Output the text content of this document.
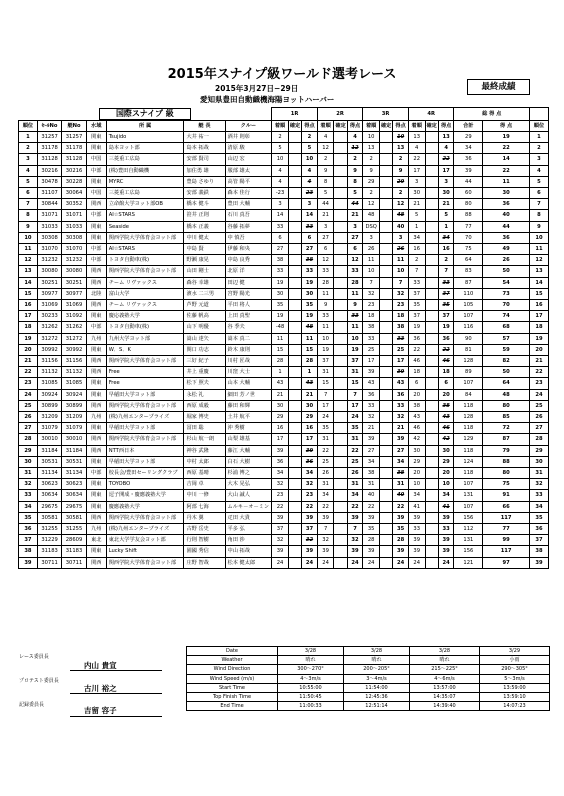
2015年スナイプ級ワールド選考レース
2015年3月27日−29日
愛知県豊田自動織機海陽ヨットハーバー
最終成績
国際スナイプ 級							1R			2R			3R			4R			総 得 点		
順位	ｾｰﾙNo	艇No	水域	所 属	艇 長	クルー	着順	確定	得点	着順	確定	得点	着順	確定	得点	着順	確定	得点	合計	得 点	順位
1	31257	31257	関東	Tsujido	大井 祐一	酒井 則彰	2		2	4		4	10		10	13		13	29	19	1
2	31178	31178	関東	島本ヨット部	島本 拓哉	清原 駿	5		5	12		12	13		13	4		4	34	22	2
3	31128	31128	中国	三菱重工広島	安部 賢司	山辺 宏	10		10	2		2	2		2	22		22	36	14	3
4	30216	30216	中部	(株)豊田自動織機	加住勇 雄	服部 雄太	4		4	9		9	9		9	17		17	39	22	4
5	30478	30228	関東	MYRC	豊島 さゆり	高管 陽平	4		4	8		8	29		29	3		3	44	11	5
6	31107	30064	中国	三菱重工広島	安部 義鉄	森本 佳行	-23		23	5		5	2		2	30		30	60	30	6
7	30844	30352	関西	立命館大学ヨット部OB	橋本 健斗	豊田 大輔	3		3	44		44	12		12	21		21	80	36	7
8	31071	31071	中部	AI☆STARS	笹井 正則	石川 真吾	14		14	21		21	48		48	5		5	88	40	8
9	31033	31033	関東	Seaside	橋本 正義	谷藤 拓夢	33		33	3		3	DSQ		40	1		1	77	44	9
10	30308	30308	関東	関西学院大学体育会ヨット部	中川 健太	中 慎吾	6		6	27		27	3		3	34		34	70	36	10
11	31070	31070	中部	AI☆STARS	中島 賢	伊藤 和央	27		27	6		6	26		26	16		16	75	49	11
12	31232	31232	中部	トヨタ自動車(株)	野瀬 康晃	中島 良秀	38		38	12		12	11		11	2		2	64	26	12
13	30080	30080	関西	関西学院大学体育会ヨット部	山田 剛士	北原 洋	33		33	33		33	10		10	7		7	83	50	13
14	30251	30251	関西	チーム リヴァックス	森谷 幸雄	田辺 健	19		19	28		28	7		7	33		33	87	54	14
15	30977	30977	北陸	富山大学	濱水 二三男	宮野 陽光	30		30	11		11	32		32	37		37	110	73	15
16	31069	31069	関西	チーム リヴァックス	芦野 元道	平田 将人	35		35	9		9	23		23	35		35	105	70	16
17	30233	31092	関東	慶応義塾大学	佐藤 帆高	上田 真聖	19		19	33		33	18		18	37		37	107	74	17
18	31262	31262	中部	トヨタ自動車(株)	山下 明優	谷 季夫	-48		48	11		11	38		38	19		19	116	68	18
19	31272	31272	九州	九州大学ヨット部	嵩山 達矢	嵩本 真二	11		11	10		10	33		33	36		36	90	57	19
20	30992	30992	関東	W．S．K	関口 功志	鈴木 康則	15		15	19		19	25		25	22		22	81	59	20
21	31156	31156	関西	関西学院大学体育会ヨット部	三好 紀子	川村 匠哉	28		28	37		37	17		17	46		46	128	82	21
22	31132	31132	関西	Free	井上 重慶	川窪 大士	1		1	31		31	39		39	18		18	89	50	22
23	31085	31085	関東	Free	松下 照夫	山本 大輔	43		43	15		15	43		43	6		6	107	64	23
24	30924	30924	関東	早稲田大学ヨット部	永松 礼	細田 芳ノ世	21		21	7		7	36		36	20		20	84	48	24
25	30899	30899	関西	関西学院大学体育会ヨット部	西原 成毅	藤田 和輝	30		30	17		17	33		33	38		38	118	80	25
26	31209	31209	九州	(株)九州エンタープライズ	堀家 博史	土井 航平	29		29	24		24	32		32	43		43	128	85	26
27	31079	31079	関東	早稲田大学ヨット部	冨田 聡	沖 秀樹	16		16	35		35	21		21	46		46	118	72	27
28	30010	30010	関西	関西学院大学体育会ヨット部	杉山 航一朗	山梨 雄基	17		17	31		31	39		39	42		42	129	87	28
29	31184	31184	関西	NTT西日本	神谷 武隆	藤江 大輔	39		39	22		22	27		27	30		30	118	79	29
30	30531	30531	関東	早稲田大学ヨット部	中村 太郎	白石 大樹	36		36	25		25	34		34	29		29	124	88	30
31	31134	31134	中部	校長会/豊田セーリングクラブ	西原 基晴	杉浦 博之	34		34	26		26	38		38	20		20	118	80	31
32	30623	30623	関東	TOYOBO	吉岡 卓	大木 晃弘	32		32	31		31	31		31	10		10	107	75	32
33	30634	30634	関東	逗子開成・慶應義塾大学	中川 一修	大山 誠人	23		23	34		34	40		40	34		34	131	91	33
34	29675	29675	関東	慶應義塾大学	阿部 七海	ムルキ－オ－ミン	22		22	22		22	22		22	41		41	107	66	34
35	30581	30581	関西	関西学院大学体育会ヨット部	丹木 翼	疋田 大貴	39		39	39		39	39		39	39		39	156	117	35
36	31255	31255	九州	(株)九州エンタープライズ	古野 岳史	平多 弘	37		37	7		7	35		35	33		33	112	77	36
37	31229	28609	東北	東北大学学友会ヨット部	行則 智樹	角田 渉	32		32	32		32	28		28	39		39	131	99	37
38	31183	31183	関東	Lucky Shift	園國 秀信	中山 拓哉	39		39	39		39	39		39	39		39	156	117	38
39	30711	30711	関西	関西学院大学体育会ヨット部	庄野 智哉	松本 健太郎	24		24	24		24	24		24	24		24	121	97	39
レース委員長
内山 貴宣
プロテスト委員長
古川 裕之
記録委員長
吉留 容子
Date	3/28	3/28	3/28	3/29
Weather	晴れ	晴れ	晴れ	小雨
Wind Direction	300〜270°	200〜205°	215〜225°	290〜305°
Wind Speed (m/s)	4〜3m/s	3〜4m/s	4〜6m/s	5〜3m/s
Start Time	10:55:00	11:54:00	13:57:00	13:59:00
Top Finish Time	11:50:45	12:45:36	14:35:07	13:59:10
End Time	11:00:33	12:51:14	14:39:40	14:07:23
